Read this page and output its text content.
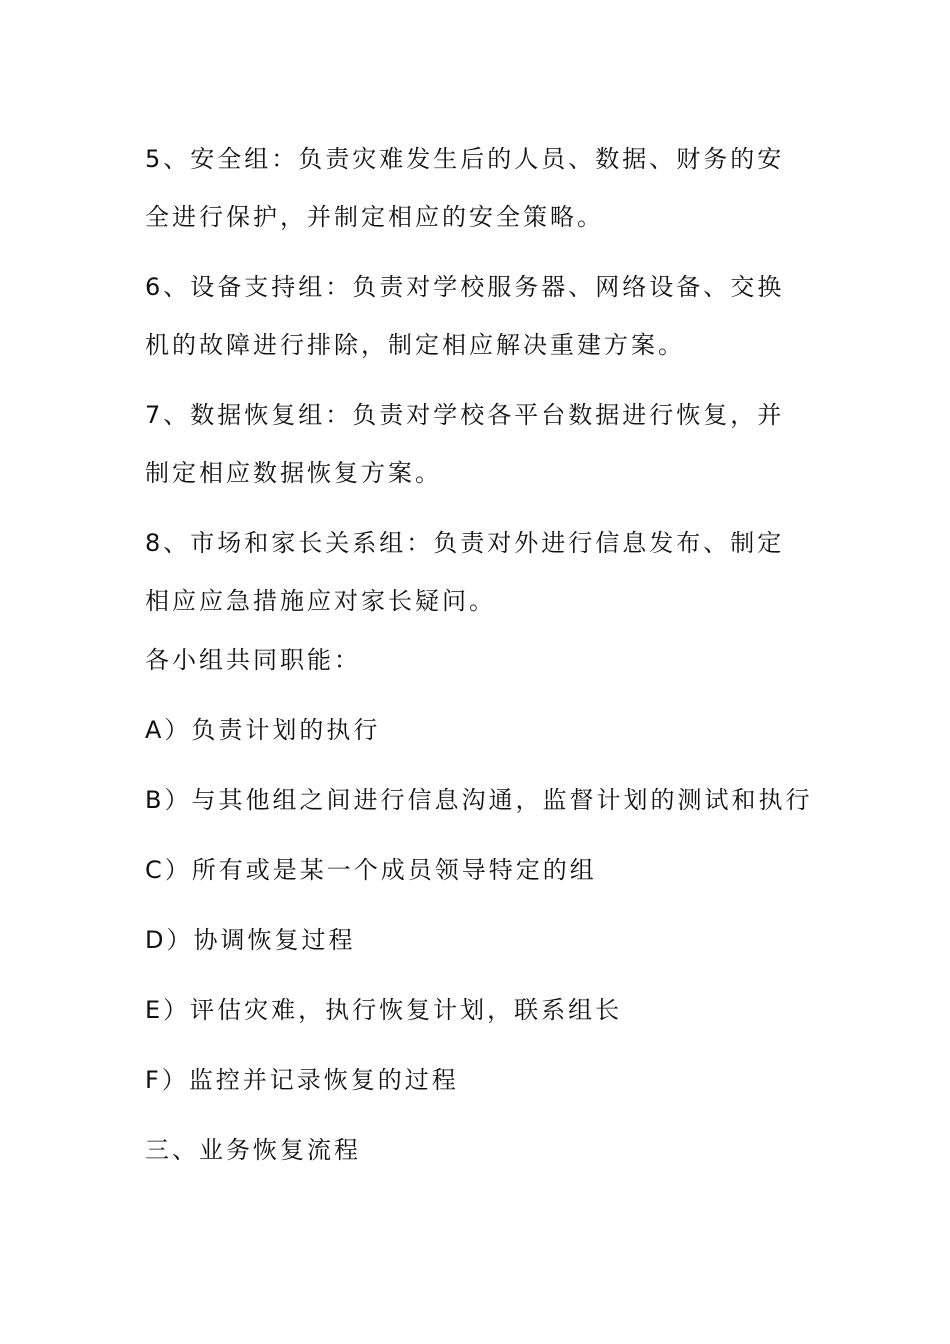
5、安全组：负责灾难发生后的人员、数据、财务的安全进行保护，并制定相应的安全策略。

6、设备支持组：负责对学校服务器、网络设备、交换机的故障进行排除，制定相应解决重建方案。

7、数据恢复组：负责对学校各平台数据进行恢复，并制定相应数据恢复方案。

8、市场和家长关系组：负责对外进行信息发布、制定相应应急措施应对家长疑问。

各小组共同职能：
A）负责计划的执行
B）与其他组之间进行信息沟通，监督计划的测试和执行
C）所有或是某一个成员领导特定的组
D）协调恢复过程
E）评估灾难，执行恢复计划，联系组长
F）监控并记录恢复的过程
三、业务恢复流程
